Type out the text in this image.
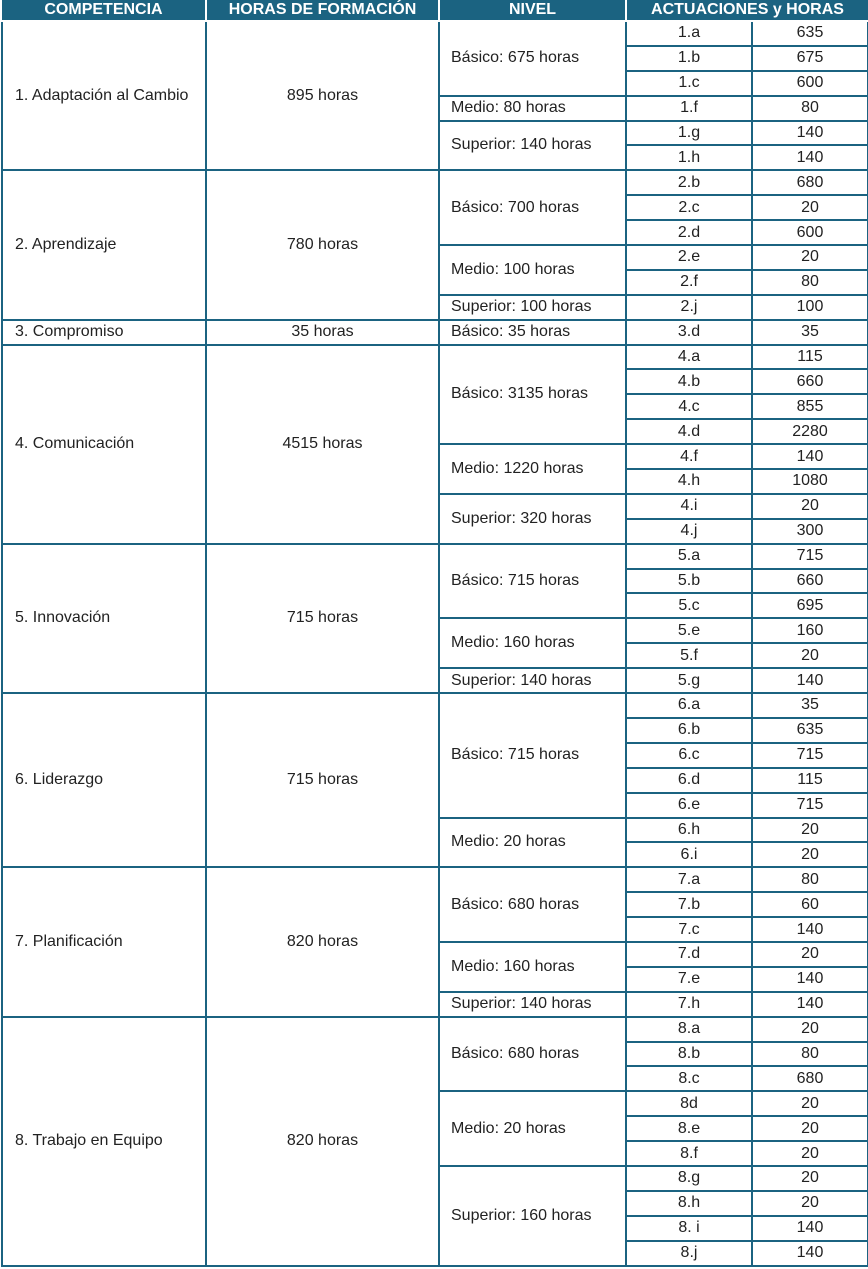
COMPETENCIA	HORAS DE FORMACIÓN	NIVEL	ACTUACIONES y HORAS	
1. Adaptación al Cambio	895 horas	Básico: 675 horas	1.a	635
			1.b	675
			1.c	600
		Medio: 80 horas	1.f	80
		Superior: 140 horas	1.g	140
			1.h	140
2. Aprendizaje	780 horas	Básico: 700 horas	2.b	680
			2.c	20
			2.d	600
		Medio: 100 horas	2.e	20
			2.f	80
		Superior: 100 horas	2.j	100
3. Compromiso	35 horas	Básico: 35 horas	3.d	35
4. Comunicación	4515 horas	Básico: 3135 horas	4.a	115
			4.b	660
			4.c	855
			4.d	2280
		Medio: 1220 horas	4.f	140
			4.h	1080
		Superior: 320 horas	4.i	20
			4.j	300
5. Innovación	715 horas	Básico: 715 horas	5.a	715
			5.b	660
			5.c	695
		Medio: 160 horas	5.e	160
			5.f	20
		Superior: 140 horas	5.g	140
6. Liderazgo	715 horas	Básico: 715 horas	6.a	35
			6.b	635
			6.c	715
			6.d	115
			6.e	715
		Medio: 20 horas	6.h	20
			6.i	20
7. Planificación	820 horas	Básico: 680 horas	7.a	80
			7.b	60
			7.c	140
		Medio: 160 horas	7.d	20
			7.e	140
		Superior: 140 horas	7.h	140
8. Trabajo en Equipo	820 horas	Básico: 680 horas	8.a	20
			8.b	80
			8.c	680
		Medio: 20 horas	8d	20
			8.e	20
			8.f	20
		Superior: 160 horas	8.g	20
			8.h	20
			8. i	140
			8.j	140
